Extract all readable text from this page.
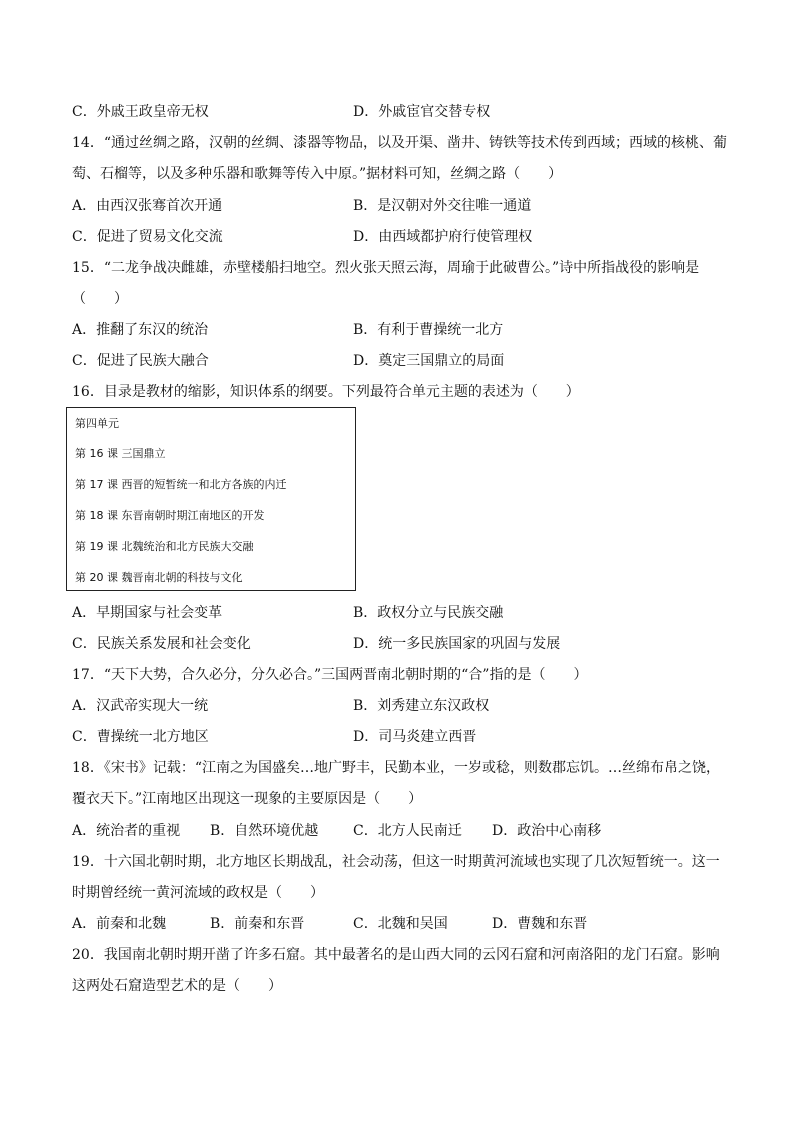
C．外戚王政皇帝无权	D．外戚宦官交替专权
14．“通过丝绸之路，汉朝的丝绸、漆器等物品，以及开渠、凿井、铸铁等技术传到西域；西域的核桃、葡
萄、石榴等，以及多种乐器和歌舞等传入中原。”据材料可知，丝绸之路（　　）
A．由西汉张骞首次开通	B．是汉朝对外交往唯一通道
C．促进了贸易文化交流	D．由西域都护府行使管理权
15．“二龙争战决雌雄，赤壁楼船扫地空。烈火张天照云海，周瑜于此破曹公。”诗中所指战役的影响是
（　　）
A．推翻了东汉的统治	B．有利于曹操统一北方
C．促进了民族大融合	D．奠定三国鼎立的局面
16．目录是教材的缩影，知识体系的纲要。下列最符合单元主题的表述为（　　）
第四单元
第 16 课 三国鼎立
第 17 课 西晋的短暂统一和北方各族的内迁
第 18 课 东晋南朝时期江南地区的开发
第 19 课 北魏统治和北方民族大交融
第 20 课 魏晋南北朝的科技与文化
A．早期国家与社会变革	B．政权分立与民族交融
C．民族关系发展和社会变化	D．统一多民族国家的巩固与发展
17．“天下大势，合久必分，分久必合。”三国两晋南北朝时期的“合”指的是（　　）
A．汉武帝实现大一统	B．刘秀建立东汉政权
C．曹操统一北方地区	D．司马炎建立西晋
18．《宋书》记载：“江南之为国盛矣…地广野丰，民勤本业，一岁或稔，则数郡忘饥。…丝绵布帛之饶，
覆衣天下。”江南地区出现这一现象的主要原因是（　　）
A．统治者的重视 B．自然环境优越 C．北方人民南迁 D．政治中心南移
19．十六国北朝时期，北方地区长期战乱，社会动荡，但这一时期黄河流域也实现了几次短暂统一。这一
时期曾经统一黄河流域的政权是（　　）
A．前秦和北魏	B．前秦和东晋	C．北魏和吴国	D．曹魏和东晋
20．我国南北朝时期开凿了许多石窟。其中最著名的是山西大同的云冈石窟和河南洛阳的龙门石窟。影响
这两处石窟造型艺术的是（　　）
